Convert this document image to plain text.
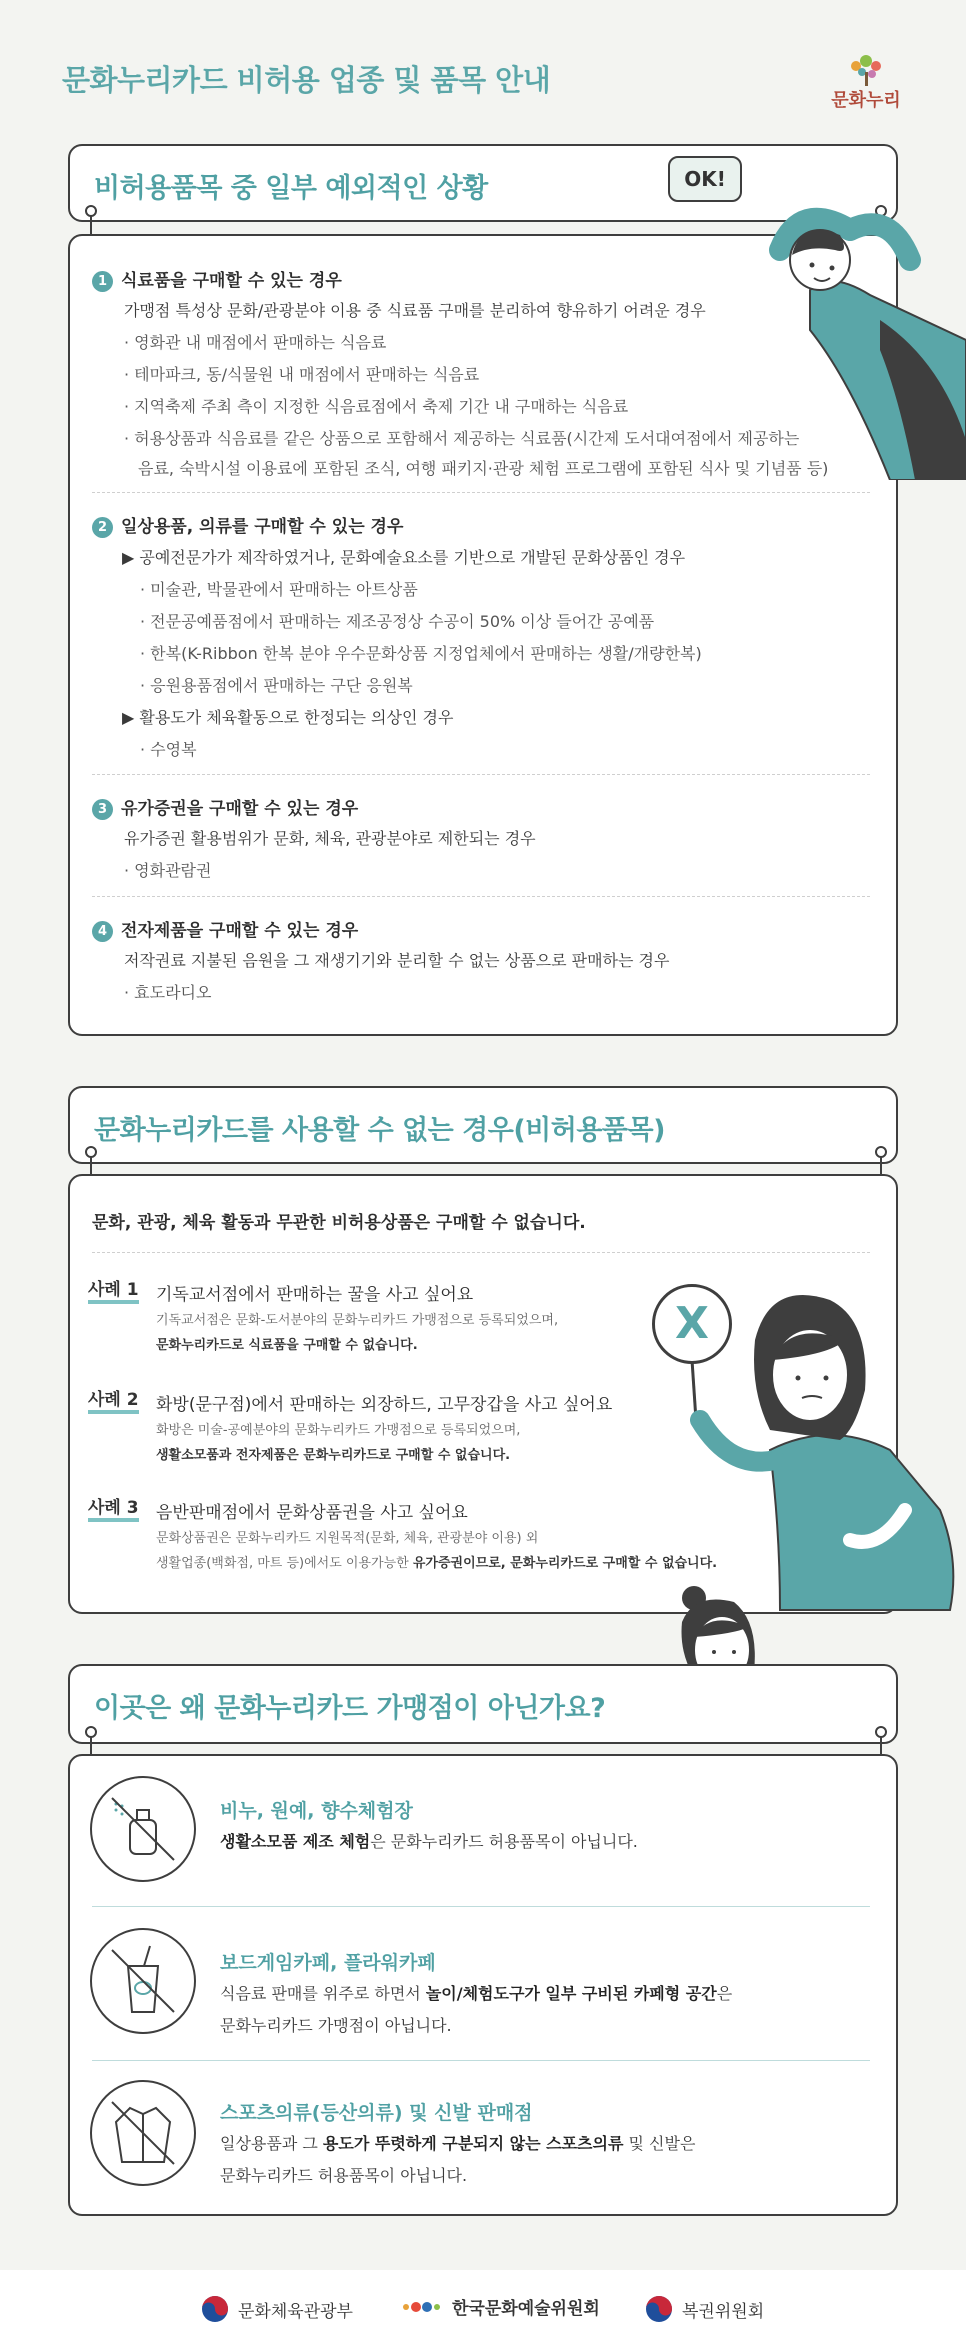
문화누리카드 비허용 업종 및 품목 안내
문화누리
비허용품목 중 일부 예외적인 상황	OK!
1 식료품을 구매할 수 있는 경우
가맹점 특성상 문화/관광분야 이용 중 식료품 구매를 분리하여 향유하기 어려운 경우
· 영화관 내 매점에서 판매하는 식음료
· 테마파크, 동/식물원 내 매점에서 판매하는 식음료
· 지역축제 주최 측이 지정한 식음료점에서 축제 기간 내 구매하는 식음료
· 허용상품과 식음료를 같은 상품으로 포함해서 제공하는 식료품(시간제 도서대여점에서 제공하는
음료, 숙박시설 이용료에 포함된 조식, 여행 패키지·관광 체험 프로그램에 포함된 식사 및 기념품 등)
2 일상용품, 의류를 구매할 수 있는 경우
▶ 공예전문가가 제작하였거나, 문화예술요소를 기반으로 개발된 문화상품인 경우
· 미술관, 박물관에서 판매하는 아트상품
· 전문공예품점에서 판매하는 제조공정상 수공이 50% 이상 들어간 공예품
· 한복(K-Ribbon 한복 분야 우수문화상품 지정업체에서 판매하는 생활/개량한복)
· 응원용품점에서 판매하는 구단 응원복
▶ 활용도가 체육활동으로 한정되는 의상인 경우
· 수영복
3 유가증권을 구매할 수 있는 경우
유가증권 활용범위가 문화, 체육, 관광분야로 제한되는 경우
· 영화관람권
4 전자제품을 구매할 수 있는 경우
저작권료 지불된 음원을 그 재생기기와 분리할 수 없는 상품으로 판매하는 경우
· 효도라디오
문화누리카드를 사용할 수 없는 경우(비허용품목)
문화, 관광, 체육 활동과 무관한 비허용상품은 구매할 수 없습니다.
사례 1 기독교서점에서 판매하는 꿀을 사고 싶어요
기독교서점은 문화-도서분야의 문화누리카드 가맹점으로 등록되었으며,
문화누리카드로 식료품을 구매할 수 없습니다.
사례 2 화방(문구점)에서 판매하는 외장하드, 고무장갑을 사고 싶어요
화방은 미술-공예분야의 문화누리카드 가맹점으로 등록되었으며,
생활소모품과 전자제품은 문화누리카드로 구매할 수 없습니다.
사례 3 음반판매점에서 문화상품권을 사고 싶어요
문화상품권은 문화누리카드 지원목적(문화, 체육, 관광분야 이용) 외
생활업종(백화점, 마트 등)에서도 이용가능한 유가증권이므로, 문화누리카드로 구매할 수 없습니다.
X
이곳은 왜 문화누리카드 가맹점이 아닌가요?
비누, 원예, 향수체험장
생활소모품 제조 체험은 문화누리카드 허용품목이 아닙니다.
보드게임카페, 플라워카페
식음료 판매를 위주로 하면서 놀이/체험도구가 일부 구비된 카페형 공간은
문화누리카드 가맹점이 아닙니다.
스포츠의류(등산의류) 및 신발 판매점
일상용품과 그 용도가 뚜렷하게 구분되지 않는 스포츠의류 및 신발은
문화누리카드 허용품목이 아닙니다.
문화체육관광부	한국문화예술위원회	복권위원회
